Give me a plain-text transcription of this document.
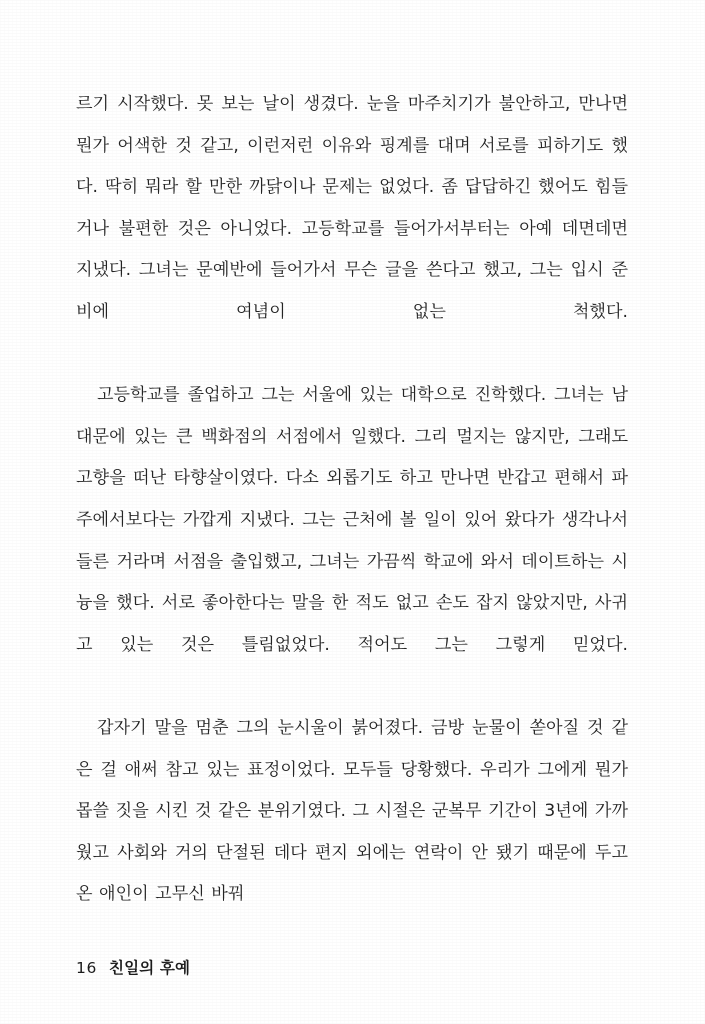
르기 시작했다. 못 보는 날이 생겼다. 눈을 마주치기가 불안하고, 만나면 뭔가 어색한 것 같고, 이런저런 이유와 핑계를 대며 서로를 피하기도 했다. 딱히 뭐라 할 만한 까닭이나 문제는 없었다. 좀 답답하긴 했어도 힘들거나 불편한 것은 아니었다. 고등학교를 들어가서부터는 아예 데면데면 지냈다. 그녀는 문예반에 들어가서 무슨 글을 쓴다고 했고, 그는 입시 준비에 여념이 없는 척했다.

고등학교를 졸업하고 그는 서울에 있는 대학으로 진학했다. 그녀는 남대문에 있는 큰 백화점의 서점에서 일했다. 그리 멀지는 않지만, 그래도 고향을 떠난 타향살이였다. 다소 외롭기도 하고 만나면 반갑고 편해서 파주에서보다는 가깝게 지냈다. 그는 근처에 볼 일이 있어 왔다가 생각나서 들른 거라며 서점을 출입했고, 그녀는 가끔씩 학교에 와서 데이트하는 시늉을 했다. 서로 좋아한다는 말을 한 적도 없고 손도 잡지 않았지만, 사귀고 있는 것은 틀림없었다. 적어도 그는 그렇게 믿었다.

갑자기 말을 멈춘 그의 눈시울이 붉어졌다. 금방 눈물이 쏟아질 것 같은 걸 애써 참고 있는 표정이었다. 모두들 당황했다. 우리가 그에게 뭔가 몹쓸 짓을 시킨 것 같은 분위기였다. 그 시절은 군복무 기간이 3년에 가까웠고 사회와 거의 단절된 데다 편지 외에는 연락이 안 됐기 때문에 두고 온 애인이 고무신 바꿔

16 친일의 후예
